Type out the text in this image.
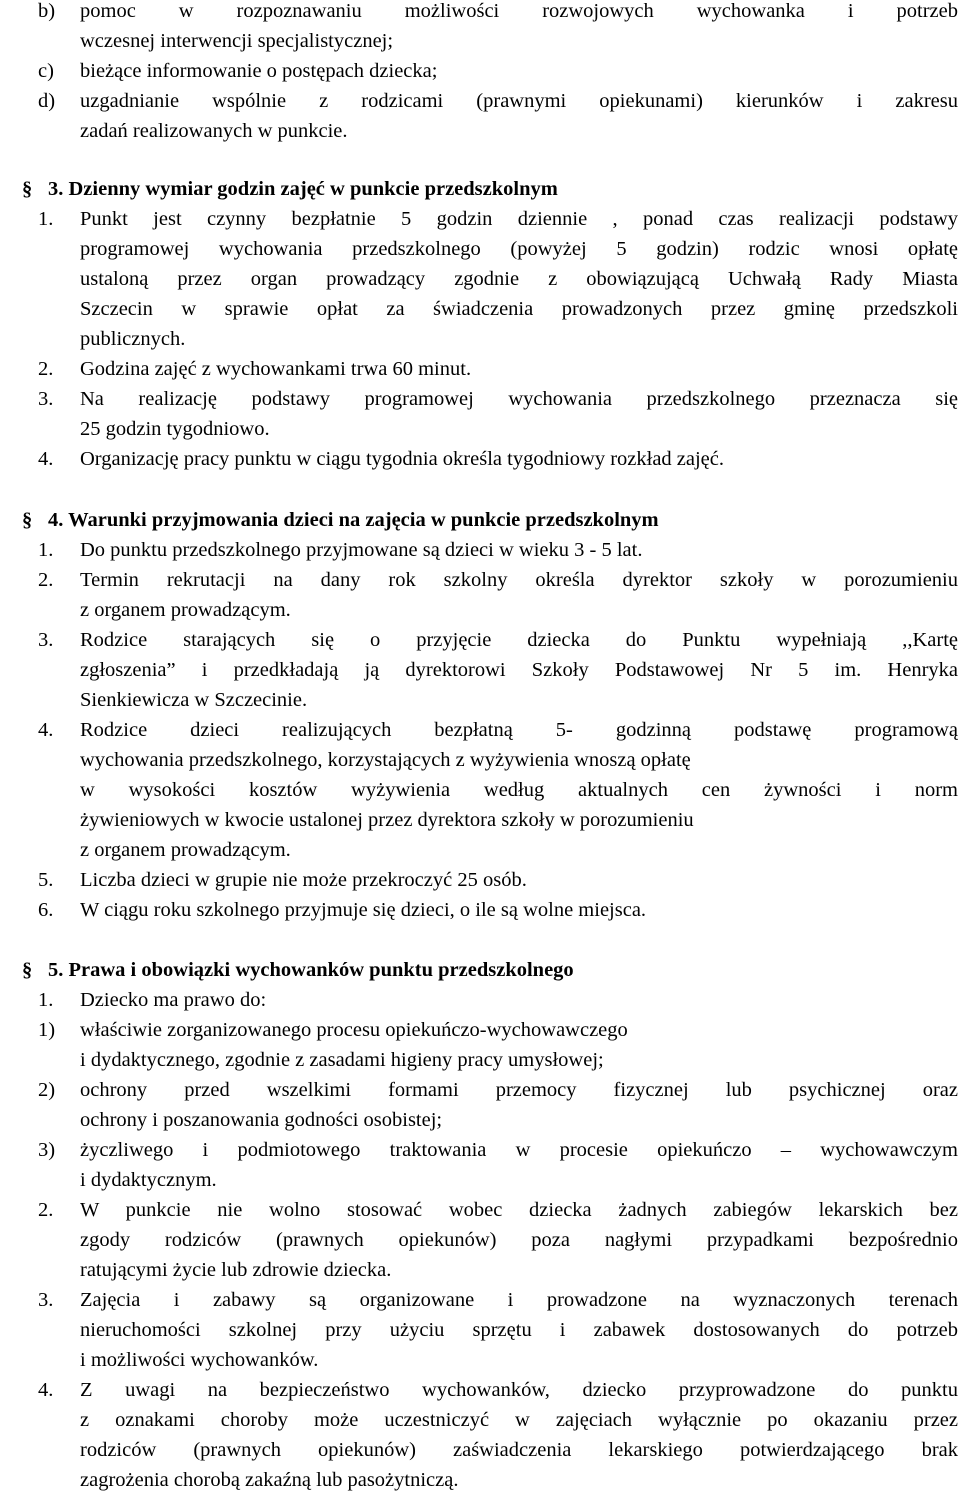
b) pomoc w rozpoznawaniu możliwości rozwojowych wychowanka i potrzeb
wczesnej interwencji specjalistycznej;
c) bieżące informowanie o postępach dziecka;
d) uzgadnianie wspólnie z rodzicami (prawnymi opiekunami) kierunków i zakresu
zadań realizowanych w punkcie.
§ 3. Dzienny wymiar godzin zajęć w punkcie przedszkolnym
1. Punkt jest czynny bezpłatnie 5 godzin dziennie , ponad czas realizacji podstawy
programowej wychowania przedszkolnego (powyżej 5 godzin) rodzic wnosi opłatę
ustaloną przez organ prowadzący zgodnie z obowiązującą Uchwałą Rady Miasta
Szczecin w sprawie opłat za świadczenia prowadzonych przez gminę przedszkoli
publicznych.
2. Godzina zajęć z wychowankami trwa 60 minut.
3. Na realizację podstawy programowej wychowania przedszkolnego przeznacza się
25 godzin tygodniowo.
4. Organizację pracy punktu w ciągu tygodnia określa tygodniowy rozkład zajęć.
§ 4. Warunki przyjmowania dzieci na zajęcia w punkcie przedszkolnym
1. Do punktu przedszkolnego przyjmowane są dzieci w wieku 3 - 5 lat.
2. Termin rekrutacji na dany rok szkolny określa dyrektor szkoły w porozumieniu
z organem prowadzącym.
3. Rodzice starających się o przyjęcie dziecka do Punktu wypełniają ,,Kartę
zgłoszenia” i przedkładają ją dyrektorowi Szkoły Podstawowej Nr 5 im. Henryka
Sienkiewicza w Szczecinie.
4. Rodzice dzieci realizujących bezpłatną 5- godzinną podstawę programową
wychowania przedszkolnego, korzystających z wyżywienia wnoszą opłatę
w wysokości kosztów wyżywienia według aktualnych cen żywności i norm
żywieniowych w kwocie ustalonej przez dyrektora szkoły w porozumieniu
z organem prowadzącym.
5. Liczba dzieci w grupie nie może przekroczyć 25 osób.
6. W ciągu roku szkolnego przyjmuje się dzieci, o ile są wolne miejsca.
§ 5. Prawa i obowiązki wychowanków punktu przedszkolnego
1. Dziecko ma prawo do:
1) właściwie zorganizowanego procesu opiekuńczo-wychowawczego
i dydaktycznego, zgodnie z zasadami higieny pracy umysłowej;
2) ochrony przed wszelkimi formami przemocy fizycznej lub psychicznej oraz
ochrony i poszanowania godności osobistej;
3) życzliwego i podmiotowego traktowania w procesie opiekuńczo – wychowawczym
i dydaktycznym.
2. W punkcie nie wolno stosować wobec dziecka żadnych zabiegów lekarskich bez
zgody rodziców (prawnych opiekunów) poza nagłymi przypadkami bezpośrednio
ratującymi życie lub zdrowie dziecka.
3. Zajęcia i zabawy są organizowane i prowadzone na wyznaczonych terenach
nieruchomości szkolnej przy użyciu sprzętu i zabawek dostosowanych do potrzeb
i możliwości wychowanków.
4. Z uwagi na bezpieczeństwo wychowanków, dziecko przyprowadzone do punktu
z oznakami choroby może uczestniczyć w zajęciach wyłącznie po okazaniu przez
rodziców (prawnych opiekunów) zaświadczenia lekarskiego potwierdzającego brak
zagrożenia chorobą zakaźną lub pasożytniczą.
